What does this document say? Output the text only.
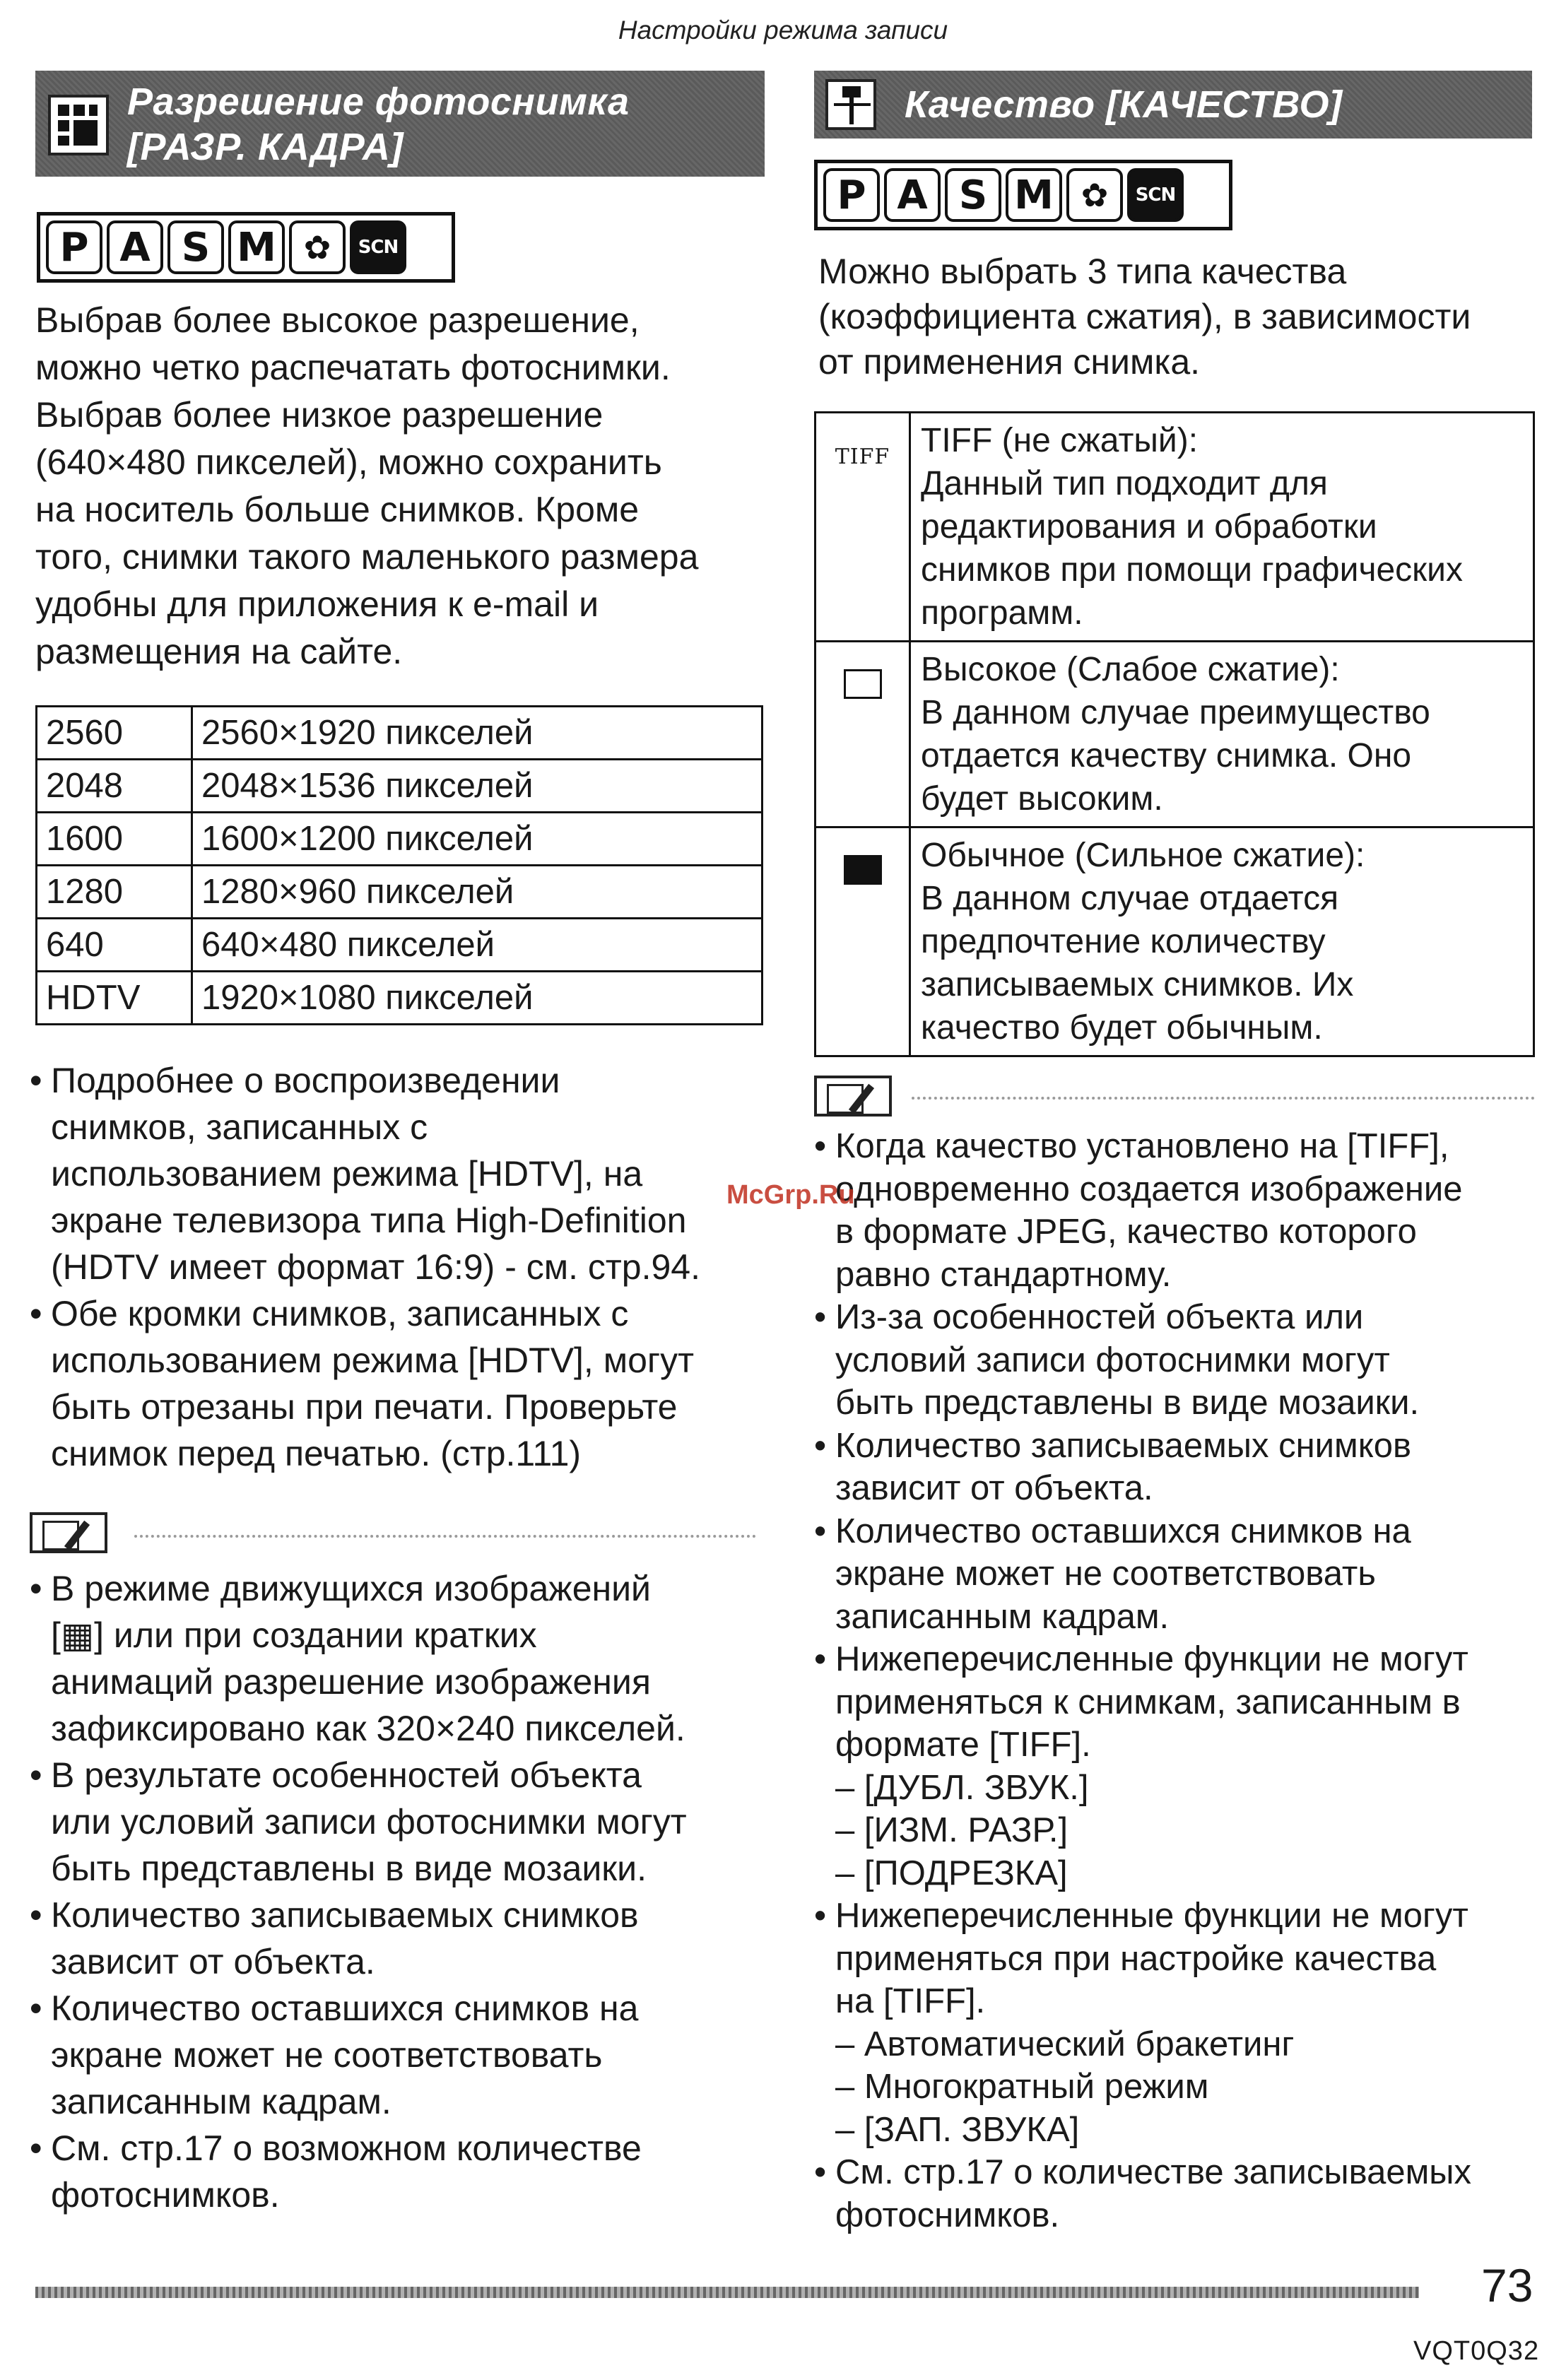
Настройки режима записи
Разрешение фотоснимка
[РАЗР. КАДРА]
P A S M ✿	SCN
Выбрав более высокое разрешение,
можно четко распечатать фотоснимки.
Выбрав более низкое разрешение
(640×480 пикселей), можно сохранить
на носитель больше снимков. Кроме
того, снимки такого маленького размера
удобны для приложения к e-mail и
размещения на сайте.
2560	2560×1920 пикселей
2048	2048×1536 пикселей
1600	1600×1200 пикселей
1280	1280×960 пикселей
640	640×480 пикселей
HDTV	1920×1080 пикселей
• Подробнее о воспроизведении
снимков, записанных с
использованием режима [HDTV], на
экране телевизора типа High-Definition
(HDTV имеет формат 16:9) - см. стр.94.
• Обе кромки снимков, записанных с
использованием режима [HDTV], могут
быть отрезаны при печати. Проверьте
снимок перед печатью. (стр.111)
• В режиме движущихся изображений
[▦] или при создании кратких
анимаций разрешение изображения
зафиксировано как 320×240 пикселей.
• В результате особенностей объекта
или условий записи фотоснимки могут
быть представлены в виде мозаики.
• Количество записываемых снимков
зависит от объекта.
• Количество оставшихся снимков на
экране может не соответствовать
записанным кадрам.
• См. стр.17 о возможном количестве
фотоснимков.
Качество [КАЧЕСТВО]
P A S M ✿	SCN
Можно выбрать 3 типа качества
(коэффициента сжатия), в зависимости
от применения снимка.
TIFF	TIFF (не сжатый):
Данный тип подходит для
редактирования и обработки
снимков при помощи графических
программ.

	Высокое (Слабое сжатие):
В данном случае преимущество
отдается качеству снимка. Оно
будет высоким.

	Обычное (Сильное сжатие):
В данном случае отдается
предпочтение количеству
записываемых снимков. Их
качество будет обычным.
• Когда качество установлено на [TIFF],
одновременно создается изображение
в формате JPEG, качество которого
равно стандартному.
• Из-за особенностей объекта или
условий записи фотоснимки могут
быть представлены в виде мозаики.
• Количество записываемых снимков
зависит от объекта.
• Количество оставшихся снимков на
экране может не соответствовать
записанным кадрам.
• Нижеперечисленные функции не могут
применяться к снимкам, записанным в
формате [TIFF].
– [ДУБЛ. ЗВУК.]
– [ИЗМ. РАЗР.]
– [ПОДРЕЗКА]
• Нижеперечисленные функции не могут
применяться при настройке качества
на [TIFF].
– Автоматический бракетинг
– Многократный режим
– [ЗАП. ЗВУКА]
• См. стр.17 о количестве записываемых
фотоснимков.
McGrp.Ru
73
VQT0Q32
